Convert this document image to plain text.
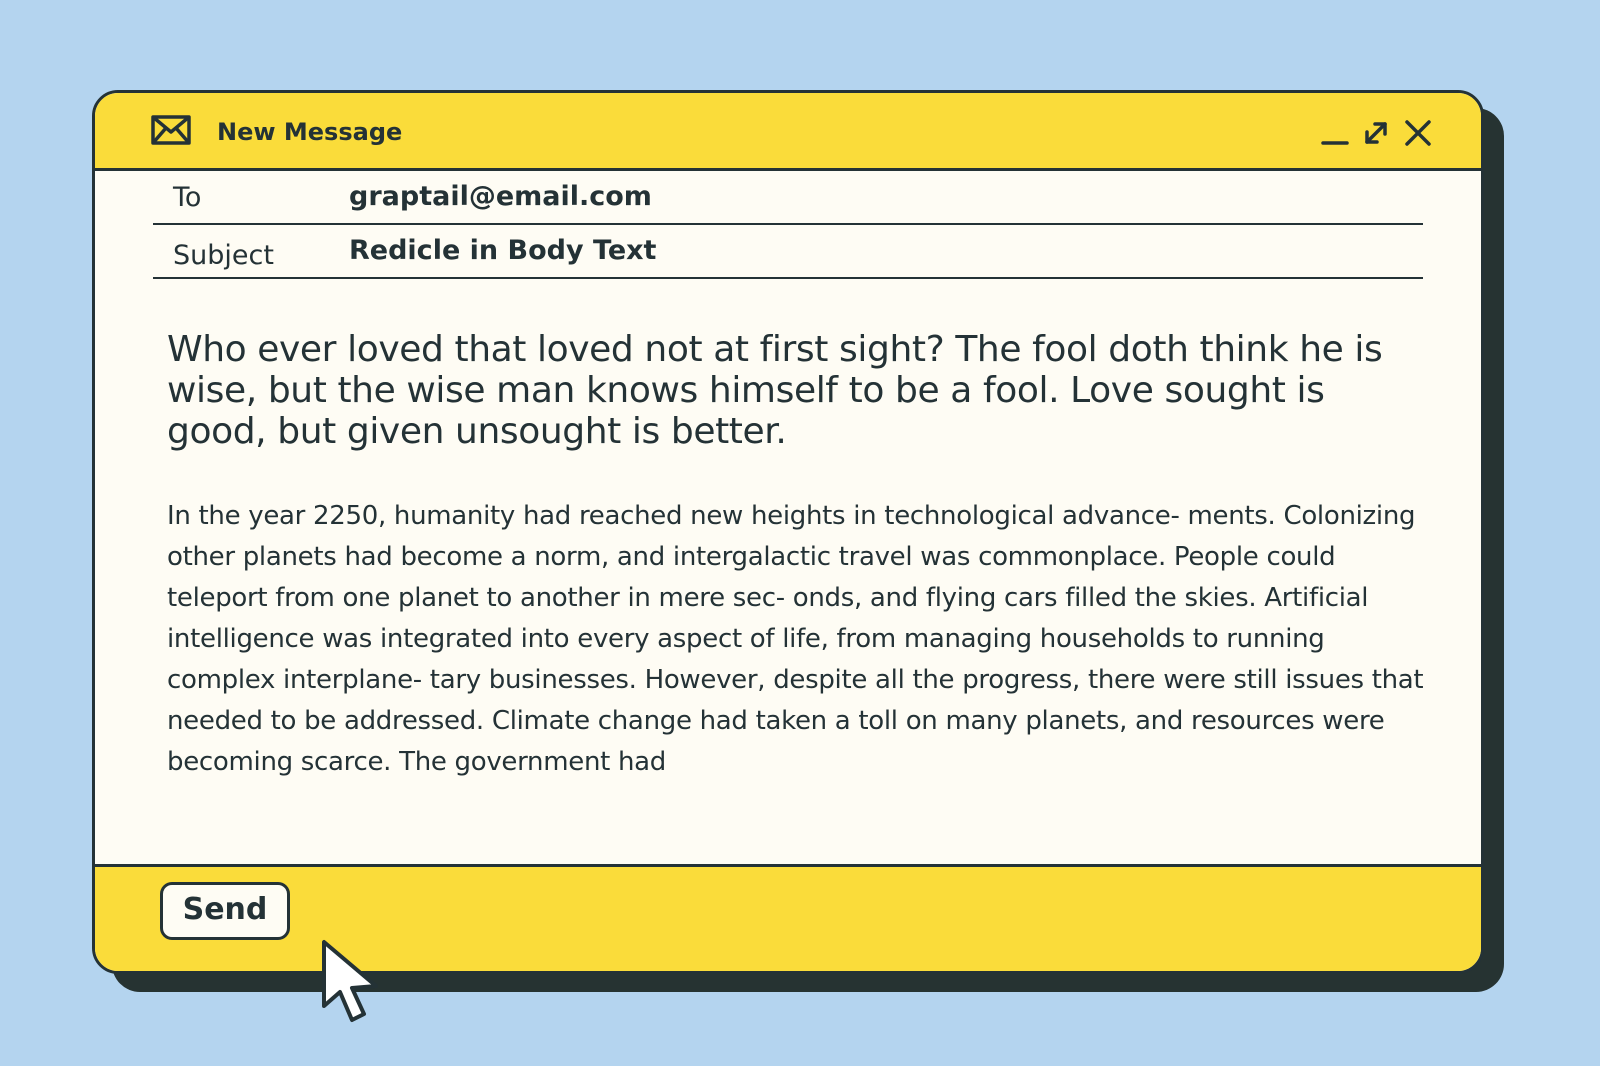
New Message
To	graptail@email.com
Subject	Redicle in Body Text

Who ever loved that loved not at first sight? The fool doth think he is wise, but the wise man knows himself to be a fool. Love sought is good, but given unsought is better.

In the year 2250, humanity had reached new heights in technological advance- ments. Colonizing other planets had become a norm, and intergalactic travel was commonplace. People could teleport from one planet to another in mere sec- onds, and flying cars filled the skies. Artificial intelligence was integrated into every aspect of life, from managing households to running complex interplane- tary businesses. However, despite all the progress, there were still issues that needed to be addressed. Climate change had taken a toll on many planets, and resources were becoming scarce. The government had

Send
